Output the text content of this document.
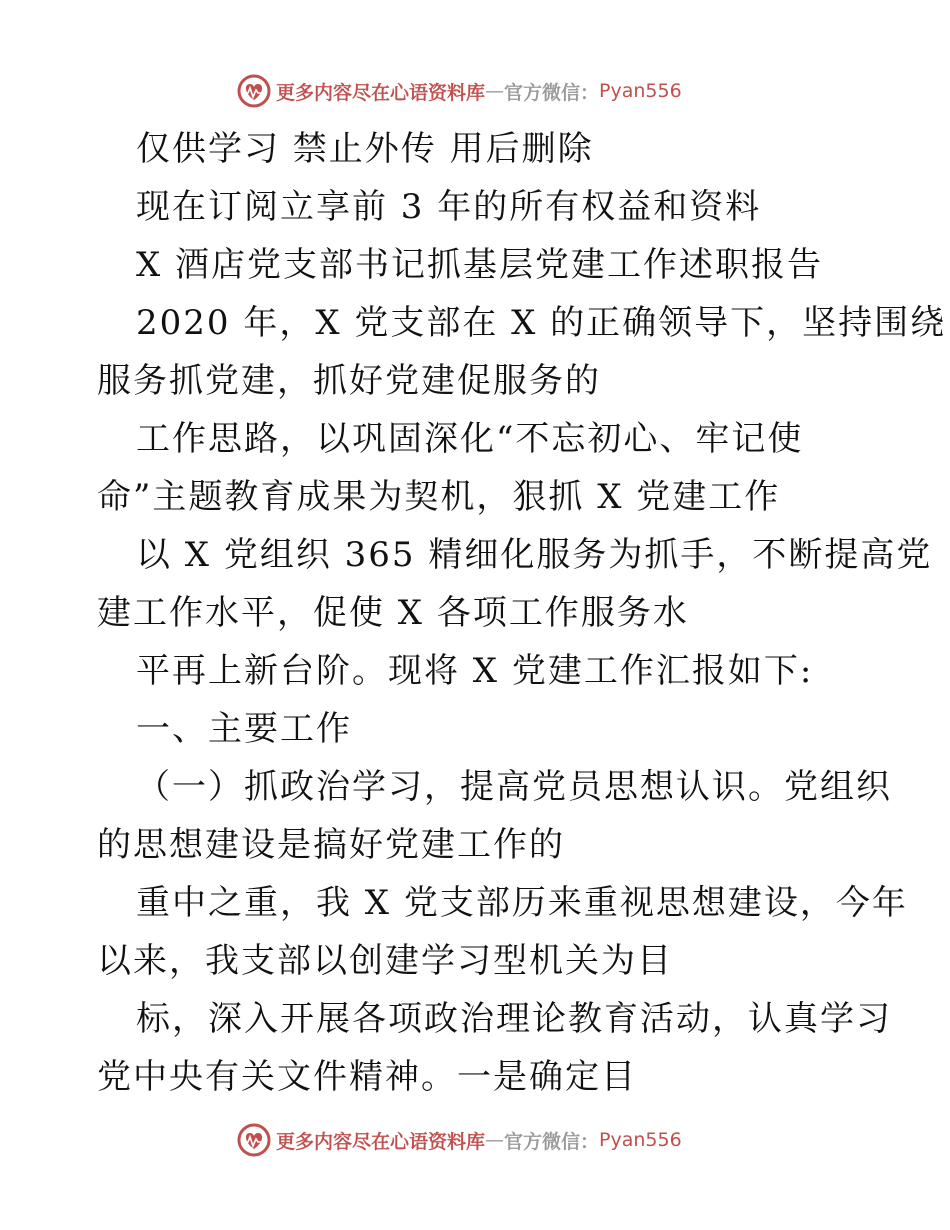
更多内容尽在心语资料库 — 官方微信： Pyan556
仅供学习 禁止外传 用后删除
现在订阅立享前 3 年的所有权益和资料
X 酒店党支部书记抓基层党建工作述职报告
2020 年，X 党支部在 X 的正确领导下，坚持围绕
服务抓党建，抓好党建促服务的
工作思路，以巩固深化“不忘初心、牢记使
命”主题教育成果为契机，狠抓 X 党建工作
以 X 党组织 365 精细化服务为抓手，不断提高党
建工作水平，促使 X 各项工作服务水
平再上新台阶。现将 X 党建工作汇报如下:
一、主要工作
（一）抓政治学习，提高党员思想认识。党组织
的思想建设是搞好党建工作的
重中之重，我 X 党支部历来重视思想建设，今年
以来，我支部以创建学习型机关为目
标，深入开展各项政治理论教育活动，认真学习
党中央有关文件精神。一是确定目
更多内容尽在心语资料库 — 官方微信： Pyan556
